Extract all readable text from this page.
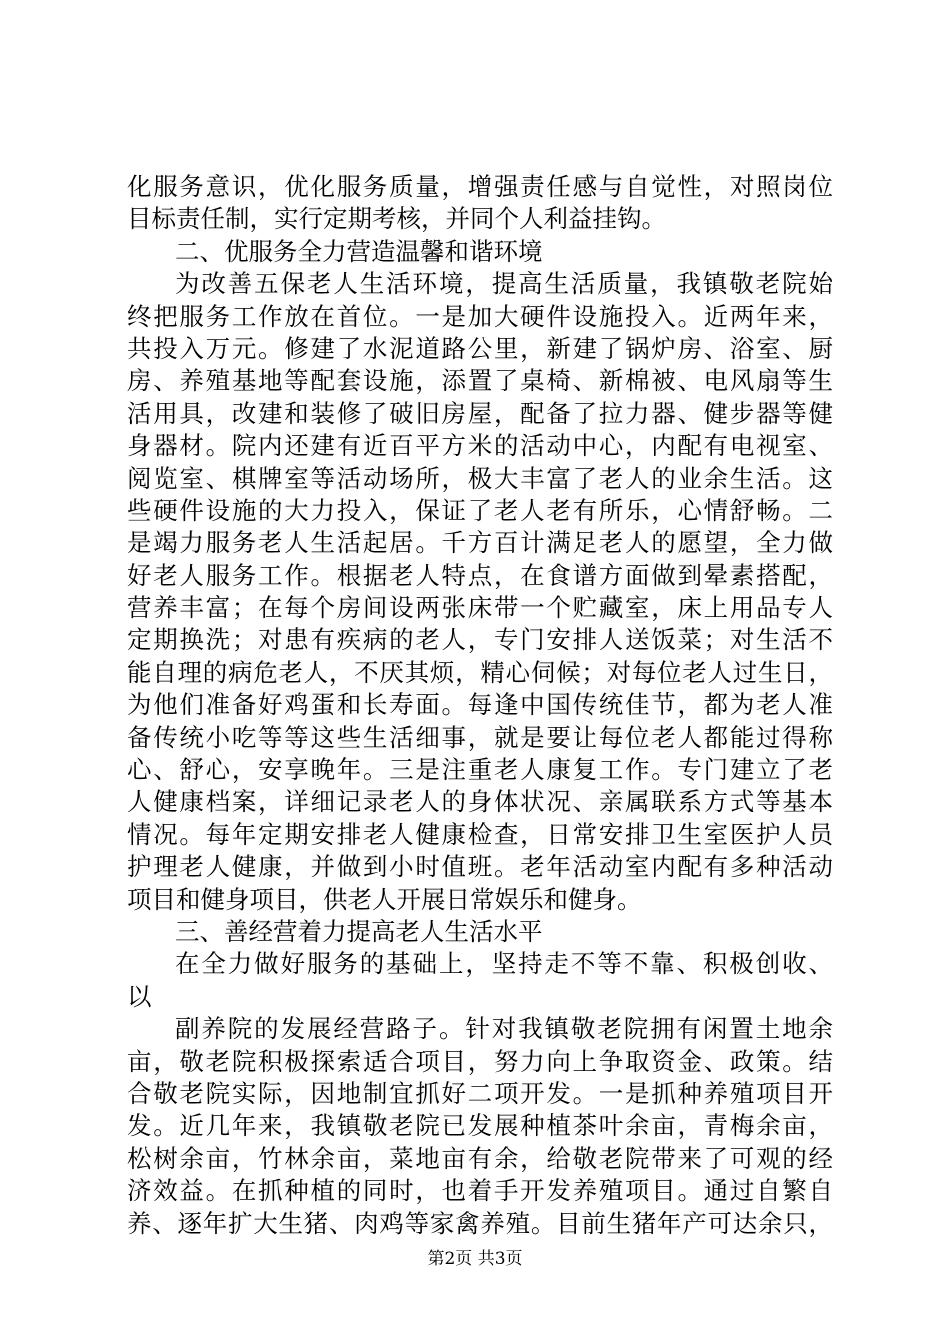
化服务意识，优化服务质量，增强责任感与自觉性，对照岗位
目标责任制，实行定期考核，并同个人利益挂钩。
二、优服务全力营造温馨和谐环境
为改善五保老人生活环境，提高生活质量，我镇敬老院始
终把服务工作放在首位。一是加大硬件设施投入。近两年来，
共投入万元。修建了水泥道路公里，新建了锅炉房、浴室、厨
房、养殖基地等配套设施，添置了桌椅、新棉被、电风扇等生
活用具，改建和装修了破旧房屋，配备了拉力器、健步器等健
身器材。院内还建有近百平方米的活动中心，内配有电视室、
阅览室、棋牌室等活动场所，极大丰富了老人的业余生活。这
些硬件设施的大力投入，保证了老人老有所乐，心情舒畅。二
是竭力服务老人生活起居。千方百计满足老人的愿望，全力做
好老人服务工作。根据老人特点，在食谱方面做到晕素搭配，
营养丰富；在每个房间设两张床带一个贮藏室，床上用品专人
定期换洗；对患有疾病的老人，专门安排人送饭菜；对生活不
能自理的病危老人，不厌其烦，精心伺候；对每位老人过生日，
为他们准备好鸡蛋和长寿面。每逢中国传统佳节，都为老人准
备传统小吃等等这些生活细事，就是要让每位老人都能过得称
心、舒心，安享晚年。三是注重老人康复工作。专门建立了老
人健康档案，详细记录老人的身体状况、亲属联系方式等基本
情况。每年定期安排老人健康检查，日常安排卫生室医护人员
护理老人健康，并做到小时值班。老年活动室内配有多种活动
项目和健身项目，供老人开展日常娱乐和健身。
三、善经营着力提高老人生活水平
在全力做好服务的基础上，坚持走不等不靠、积极创收、
以
副养院的发展经营路子。针对我镇敬老院拥有闲置土地余
亩，敬老院积极探索适合项目，努力向上争取资金、政策。结
合敬老院实际，因地制宜抓好二项开发。一是抓种养殖项目开
发。近几年来，我镇敬老院已发展种植茶叶余亩，青梅余亩，
松树余亩，竹林余亩，菜地亩有余，给敬老院带来了可观的经
济效益。在抓种植的同时，也着手开发养殖项目。通过自繁自
养、逐年扩大生猪、肉鸡等家禽养殖。目前生猪年产可达余只，
第2页 共3页
